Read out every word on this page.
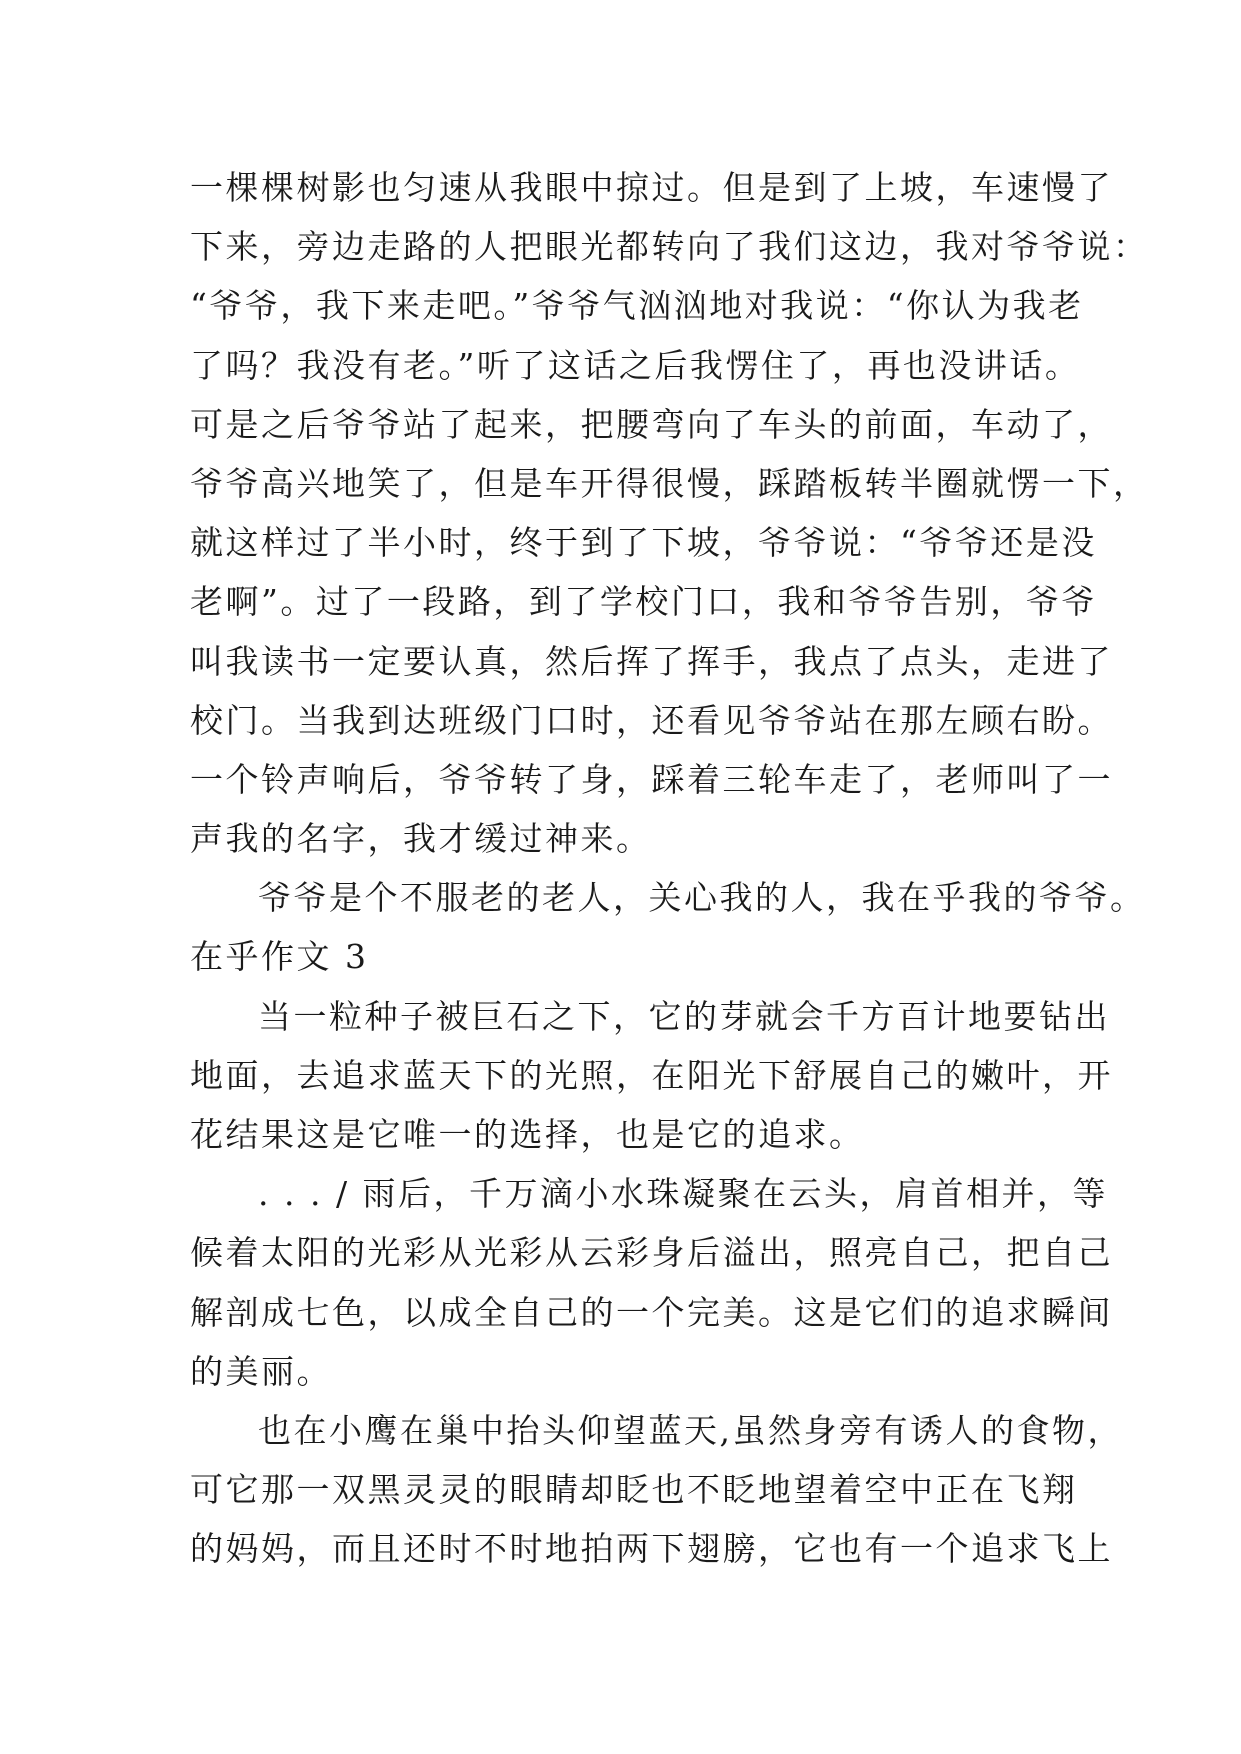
一棵棵树影也匀速从我眼中掠过。但是到了上坡，车速慢了
下来，旁边走路的人把眼光都转向了我们这边，我对爷爷说：
“爷爷，我下来走吧。”爷爷气汹汹地对我说：“你认为我老
了吗？我没有老。”听了这话之后我愣住了，再也没讲话。
可是之后爷爷站了起来，把腰弯向了车头的前面，车动了，
爷爷高兴地笑了，但是车开得很慢，踩踏板转半圈就愣一下，
就这样过了半小时，终于到了下坡，爷爷说：“爷爷还是没
老啊”。过了一段路，到了学校门口，我和爷爷告别，爷爷
叫我读书一定要认真，然后挥了挥手，我点了点头，走进了
校门。当我到达班级门口时，还看见爷爷站在那左顾右盼。
一个铃声响后，爷爷转了身，踩着三轮车走了，老师叫了一
声我的名字，我才缓过神来。
爷爷是个不服老的老人，关心我的人，我在乎我的爷爷。
在乎作文 3
当一粒种子被巨石之下，它的芽就会千方百计地要钻出
地面，去追求蓝天下的光照，在阳光下舒展自己的嫩叶，开
花结果这是它唯一的选择，也是它的追求。
. . . / 雨后，千万滴小水珠凝聚在云头，肩首相并，等
候着太阳的光彩从光彩从云彩身后溢出，照亮自己，把自己
解剖成七色，以成全自己的一个完美。这是它们的追求瞬间
的美丽。
也在小鹰在巢中抬头仰望蓝天,虽然身旁有诱人的食物，
可它那一双黑灵灵的眼睛却眨也不眨地望着空中正在飞翔
的妈妈，而且还时不时地拍两下翅膀，它也有一个追求飞上
